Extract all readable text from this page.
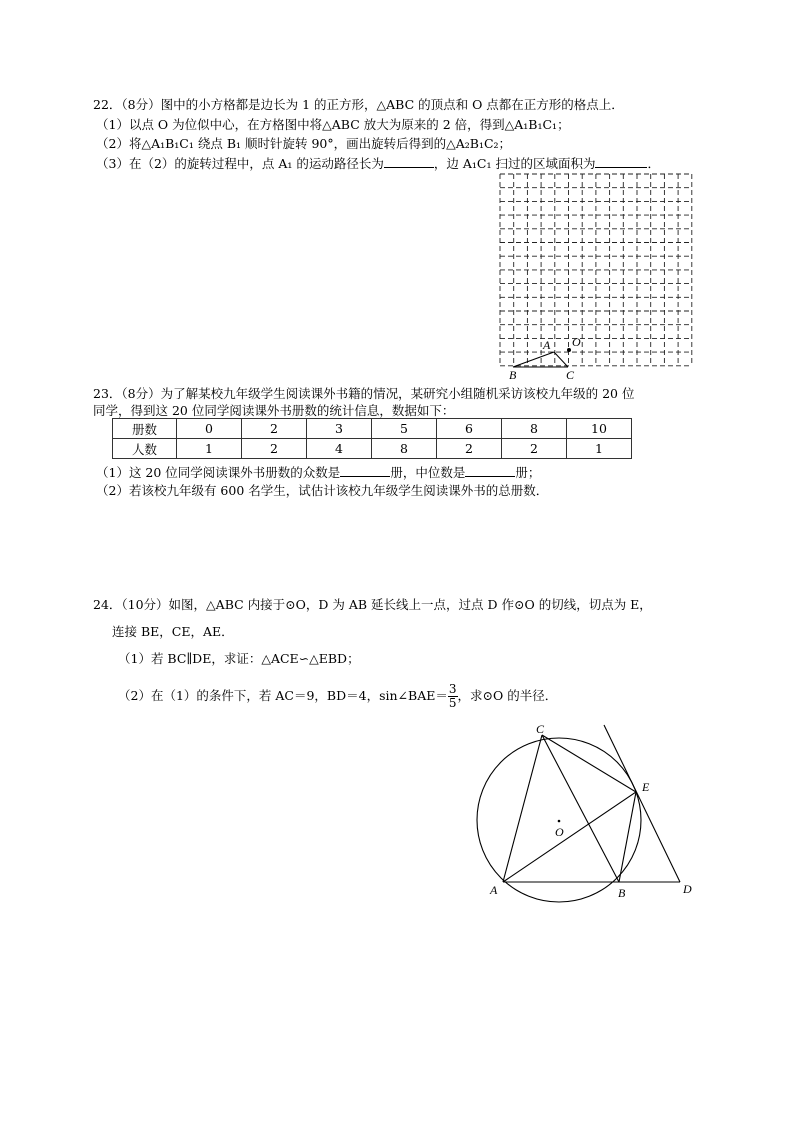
22．（8分）图中的小方格都是边长为 1 的正方形，△ABC 的顶点和 O 点都在正方形的格点上．
（1）以点 O 为位似中心，在方格图中将△ABC 放大为原来的 2 倍，得到△A₁B₁C₁；
（2）将△A₁B₁C₁ 绕点 B₁ 顺时针旋转 90°，画出旋转后得到的△A₂B₁C₂；
（3）在（2）的旋转过程中，点 A₁ 的运动路径长为	，边 A₁C₁ 扫过的区域面积为	．
A O
B	C
23．（8分）为了解某校九年级学生阅读课外书籍的情况，某研究小组随机采访该校九年级的 20 位
同学，得到这 20 位同学阅读课外书册数的统计信息，数据如下：
册数	0	2	3	5	6	8	10
人数	1	2	4	8	2	2	1
（1）这 20 位同学阅读课外书册数的众数是	册，中位数是	册；
（2）若该校九年级有 600 名学生，试估计该校九年级学生阅读课外书的总册数．
24．（10分）如图，△ABC 内接于⊙O，D 为 AB 延长线上一点，过点 D 作⊙O 的切线，切点为 E，
连接 BE，CE，AE．
（1）若 BC∥DE，求证：△ACE∽△EBD；
（2）在（1）的条件下，若 AC＝9，BD＝4，sin∠BAE＝ $\frac{3}{5}$ ，求⊙O 的半径．
C
E
O
A	B	D
